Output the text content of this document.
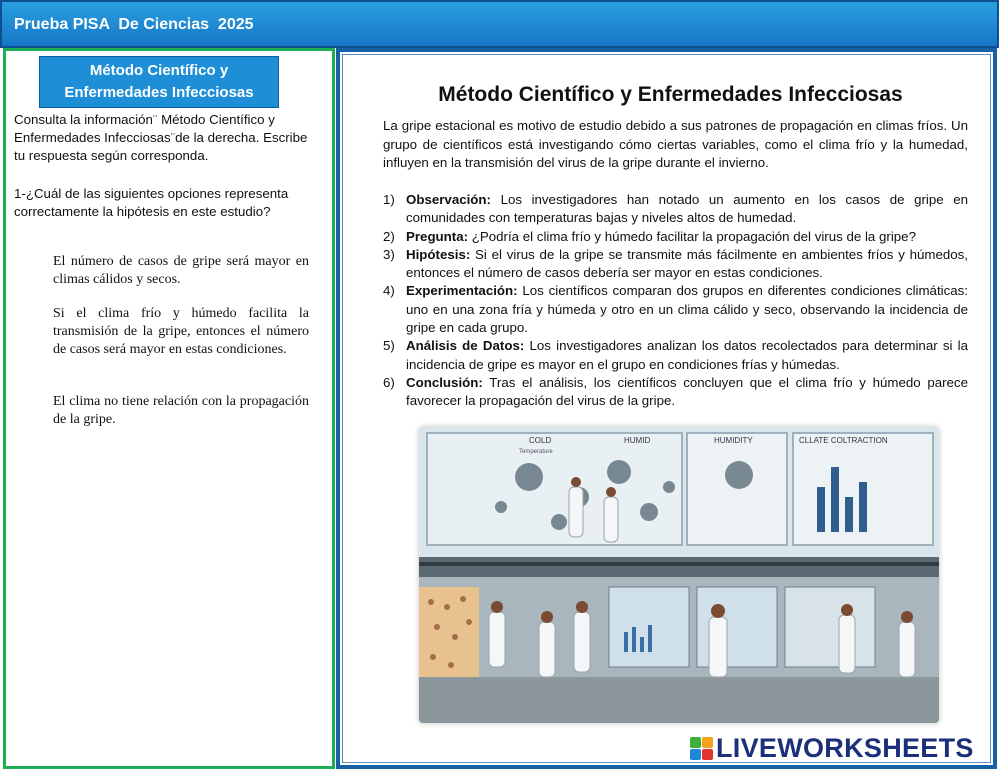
Prueba PISA  De Ciencias  2025
Método Científico y Enfermedades Infecciosas
Consulta la información¨ Método Científico y Enfermedades Infecciosas¨de la derecha. Escribe tu respuesta según corresponda.
1-¿Cuál de las siguientes opciones representa correctamente la hipótesis en este estudio?
El número de casos de gripe será mayor en climas cálidos y secos.
Si el clima frío y húmedo facilita la transmisión de la gripe, entonces el número de casos será mayor en estas condiciones.
El clima no tiene relación con la propagación de la gripe.
Método Científico y Enfermedades Infecciosas
La gripe estacional es motivo de estudio debido a sus patrones de propagación en climas fríos. Un grupo de científicos está investigando cómo ciertas variables, como el clima frío y la humedad, influyen en la transmisión del virus de la gripe durante el invierno.
1) Observación: Los investigadores han notado un aumento en los casos de gripe en comunidades con temperaturas bajas y niveles altos de humedad.
2) Pregunta: ¿Podría el clima frío y húmedo facilitar la propagación del virus de la gripe?
3) Hipótesis: Si el virus de la gripe se transmite más fácilmente en ambientes fríos y húmedos, entonces el número de casos debería ser mayor en estas condiciones.
4) Experimentación: Los científicos comparan dos grupos en diferentes condiciones climáticas: uno en una zona fría y húmeda y otro en un clima cálido y seco, observando la incidencia de gripe en cada grupo.
5) Análisis de Datos: Los investigadores analizan los datos recolectados para determinar si la incidencia de gripe es mayor en el grupo en condiciones frías y húmedas.
6) Conclusión: Tras el análisis, los científicos concluyen que el clima frío y húmedo parece favorecer la propagación del virus de la gripe.
COLD	HUMID	HUMIDITY	CLLATE COLTRACTION
Temperature
LIVEWORKSHEETS
